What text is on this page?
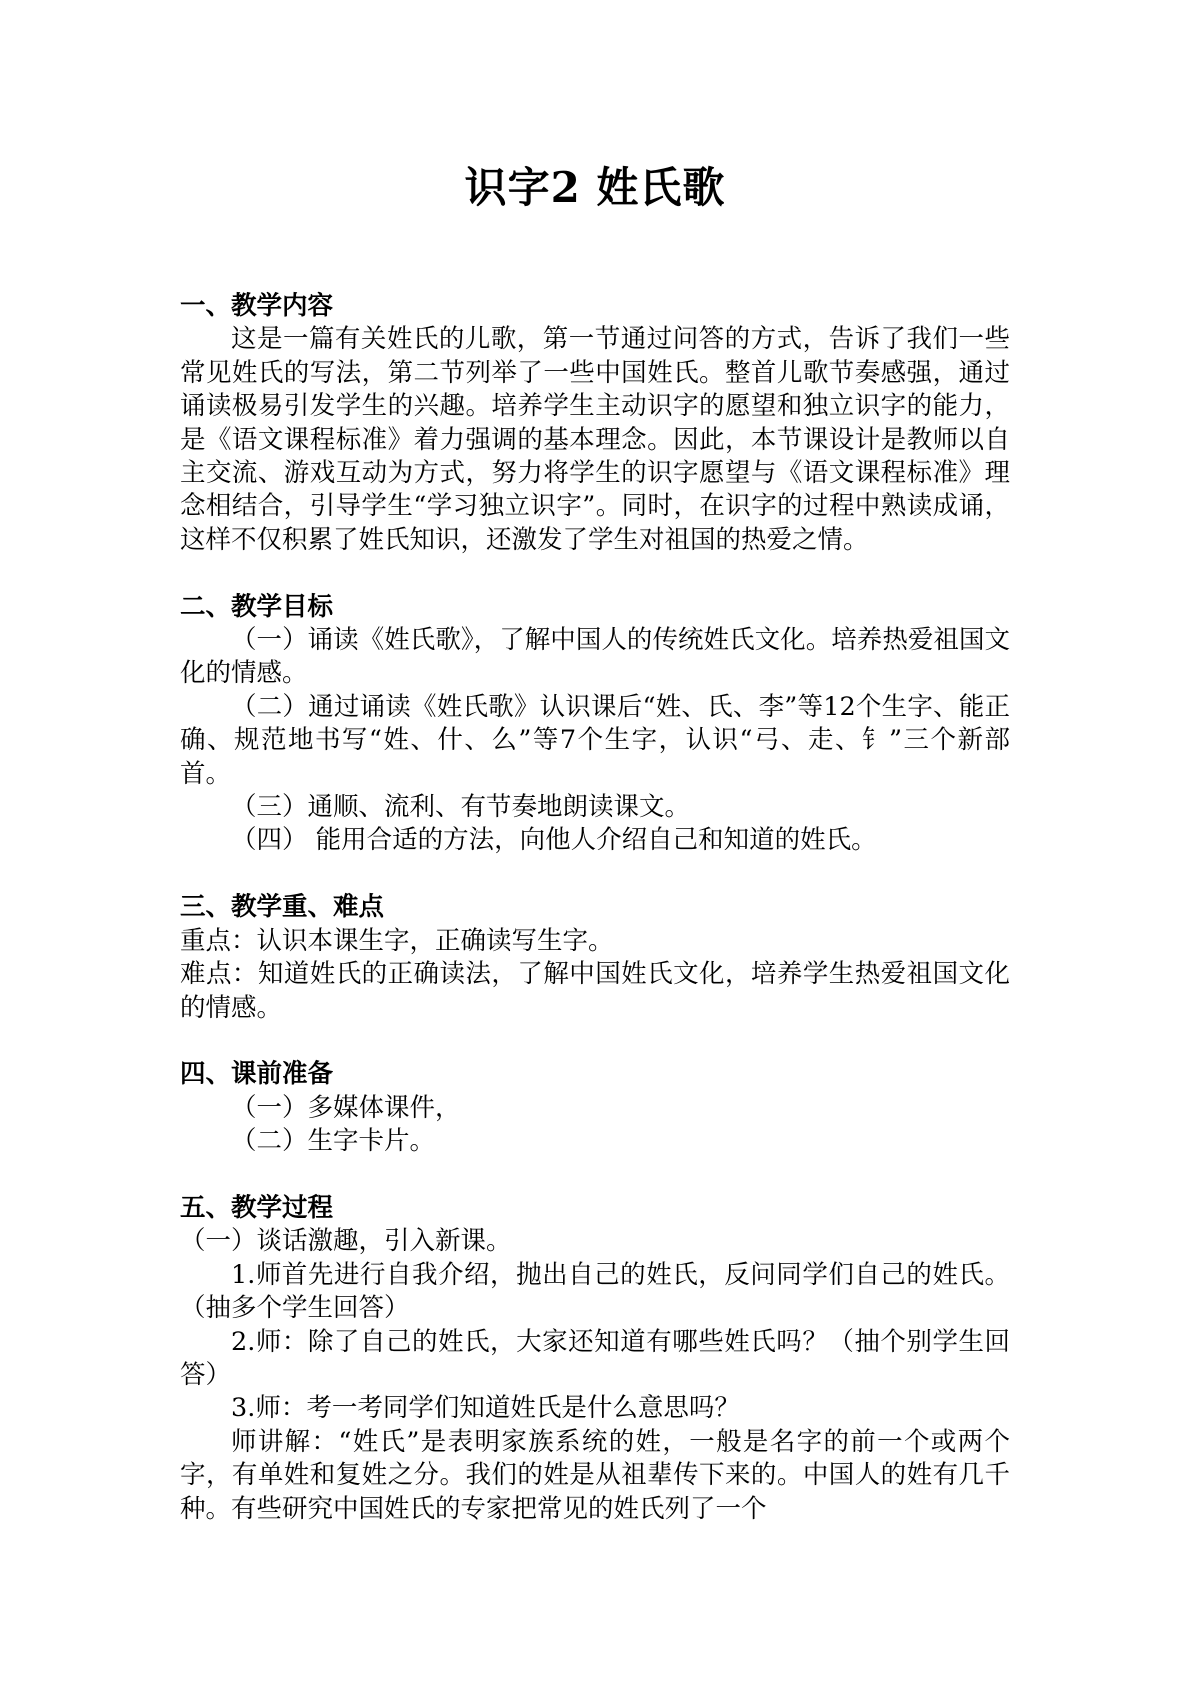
识字2 姓氏歌

一、教学内容

这是一篇有关姓氏的儿歌，第一节通过问答的方式，告诉了我们一些常见姓氏的写法，第二节列举了一些中国姓氏。整首儿歌节奏感强，通过诵读极易引发学生的兴趣。培养学生主动识字的愿望和独立识字的能力，是《语文课程标准》着力强调的基本理念。因此，本节课设计是教师以自主交流、游戏互动为方式，努力将学生的识字愿望与《语文课程标准》理念相结合，引导学生“学习独立识字”。同时，在识字的过程中熟读成诵，这样不仅积累了姓氏知识，还激发了学生对祖国的热爱之情。

二、教学目标

（一）诵读《姓氏歌》，了解中国人的传统姓氏文化。培养热爱祖国文化的情感。

（二）通过诵读《姓氏歌》认识课后“姓、氏、李”等12个生字、能正确、规范地书写“姓、什、么”等7个生字，认识“弓、走、钅”三个新部首。

（三）通顺、流利、有节奏地朗读课文。

（四） 能用合适的方法，向他人介绍自己和知道的姓氏。

三、教学重、难点

重点：认识本课生字，正确读写生字。

难点：知道姓氏的正确读法，了解中国姓氏文化，培养学生热爱祖国文化的情感。

四、课前准备

（一）多媒体课件，

（二）生字卡片。

五、教学过程

（一）谈话激趣，引入新课。

1.师首先进行自我介绍，抛出自己的姓氏，反问同学们自己的姓氏。（抽多个学生回答）

2.师：除了自己的姓氏，大家还知道有哪些姓氏吗？（抽个别学生回答）

3.师：考一考同学们知道姓氏是什么意思吗？

师讲解：“姓氏”是表明家族系统的姓，一般是名字的前一个或两个字，有单姓和复姓之分。我们的姓是从祖辈传下来的。中国人的姓有几千种。有些研究中国姓氏的专家把常见的姓氏列了一个
